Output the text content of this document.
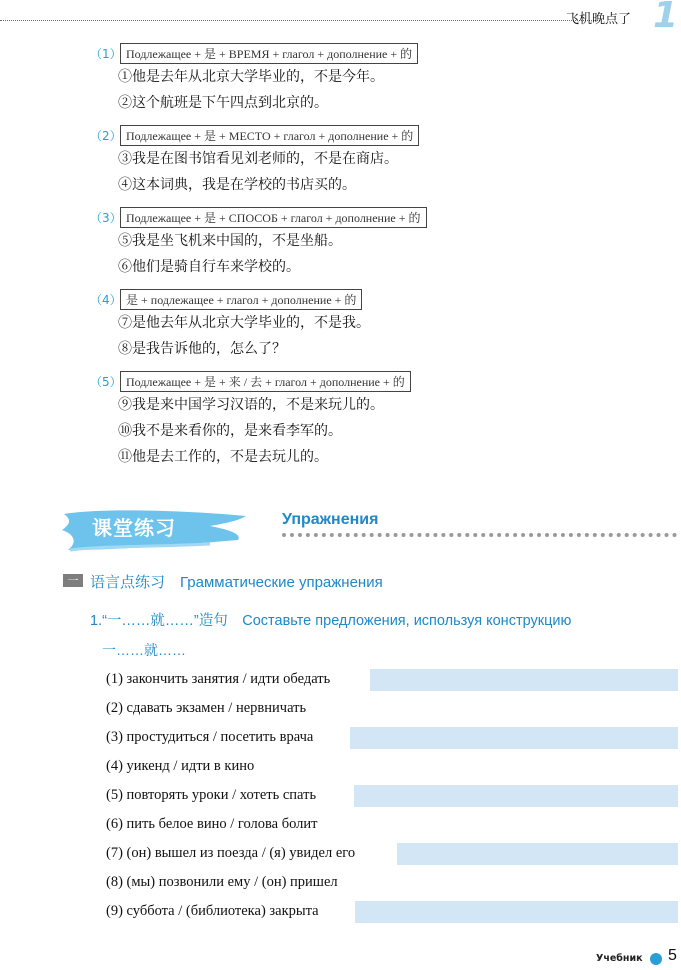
飞机晚点了 1
（1） Подлежащее + 是 + ВРЕМЯ + глагол + дополнение + 的
①他是去年从北京大学毕业的，不是今年。
②这个航班是下午四点到北京的。
（2） Подлежащее + 是 + МЕСТО + глагол + дополнение + 的
③我是在图书馆看见刘老师的，不是在商店。
④这本词典，我是在学校的书店买的。
（3） Подлежащее + 是 + СПОСОБ + глагол + дополнение + 的
⑤我是坐飞机来中国的，不是坐船。
⑥他们是骑自行车来学校的。
（4） 是 + подлежащее + глагол + дополнение + 的
⑦是他去年从北京大学毕业的，不是我。
⑧是我告诉他的，怎么了？
（5） Подлежащее + 是 + 来 / 去 + глагол + дополнение + 的
⑨我是来中国学习汉语的，不是来玩儿的。
⑩我不是来看你的，是来看李军的。
⑪他是去工作的，不是去玩儿的。
课堂练习	Упражнения
一 语言点练习　Грамматические упражнения
1.“一……就……”造句　Составьте предложения, используя конструкцию
一……就……
(1) закончить занятия / идти обедать
(2) сдавать экзамен / нервничать
(3) простудиться / посетить врача
(4) уикенд / идти в кино
(5) повторять уроки / хотеть спать
(6) пить белое вино / голова болит
(7) (он) вышел из поезда / (я) увидел его
(8) (мы) позвонили ему / (он) пришел
(9) суббота / (библиотека) закрыта
Учебник 5
